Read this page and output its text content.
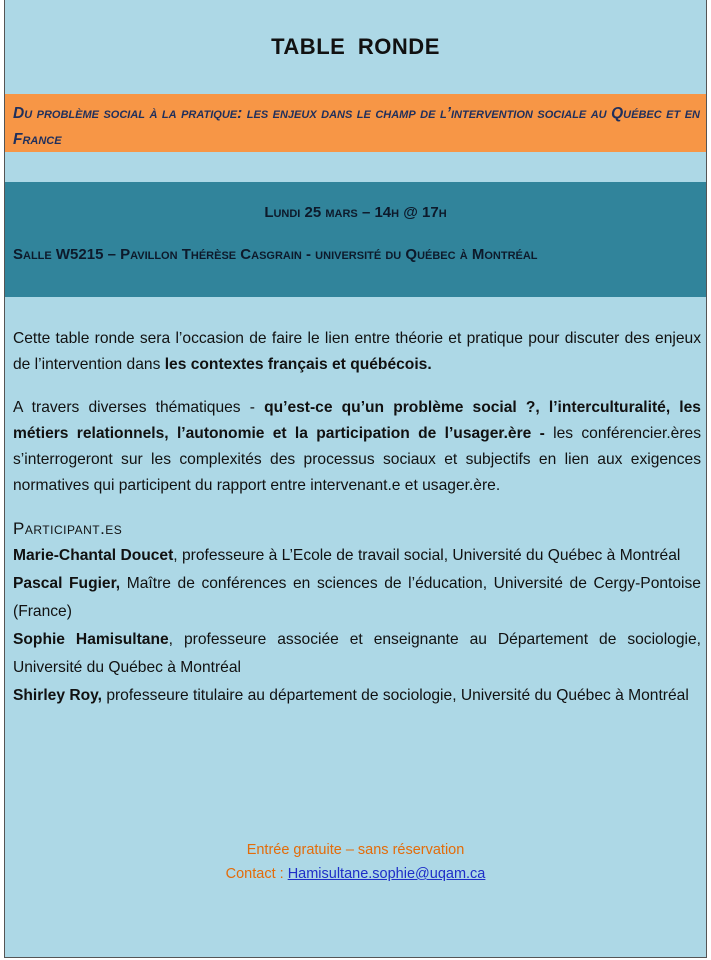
TABLE RONDE
Du problème social à la pratique: les enjeux dans le champ de l’intervention sociale au Québec et en France
Lundi 25 mars – 14h @ 17h
Salle W5215 – Pavillon Thérèse Casgrain - université du Québec à Montréal

Cette table ronde sera l’occasion de faire le lien entre théorie et pratique pour discuter des enjeux de l’intervention dans les contextes français et québécois.

A travers diverses thématiques - qu’est-ce qu’un problème social ?, l’interculturalité, les métiers relationnels, l’autonomie et la participation de l’usager.ère - les conférencier.ères s’interrogeront sur les complexités des processus sociaux et subjectifs en lien aux exigences normatives qui participent du rapport entre intervenant.e et usager.ère.

Participant.es

Marie-Chantal Doucet, professeure à L’Ecole de travail social, Université du Québec à Montréal

Pascal Fugier, Maître de conférences en sciences de l’éducation, Université de Cergy-Pontoise (France)

Sophie Hamisultane, professeure associée et enseignante au Département de sociologie, Université du Québec à Montréal

Shirley Roy, professeure titulaire au département de sociologie, Université du Québec à Montréal

Entrée gratuite – sans réservation
Contact : Hamisultane.sophie@uqam.ca
